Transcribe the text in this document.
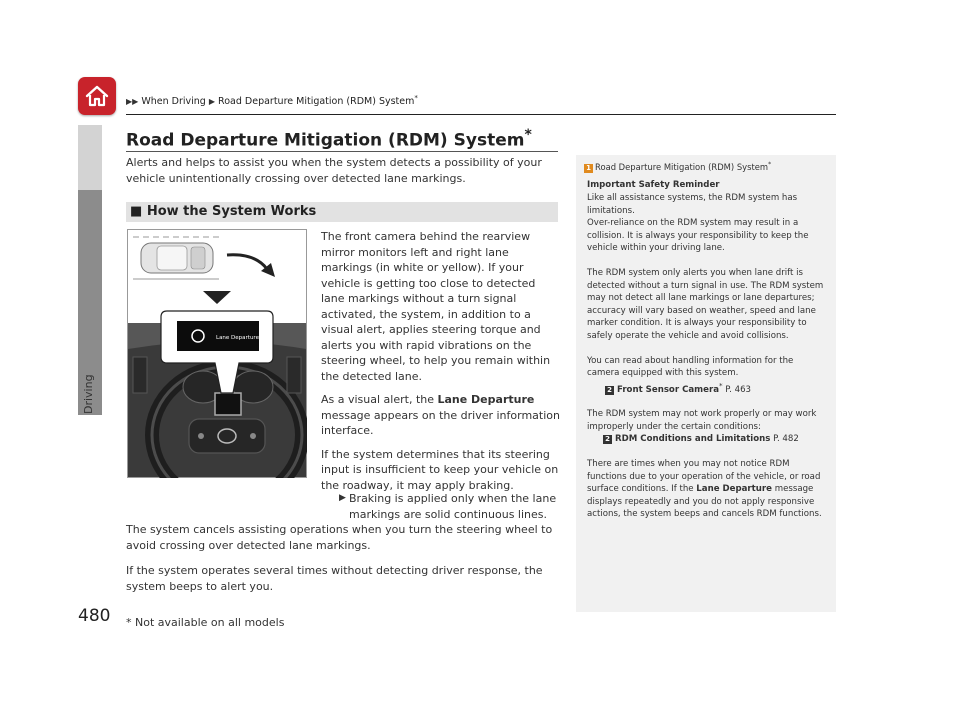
Driving
▶▶ When Driving ▶ Road Departure Mitigation (RDM) System*
Road Departure Mitigation (RDM) System*
Alerts and helps to assist you when the system detects a possibility of your vehicle unintentionally crossing over detected lane markings.
■ How the System Works
Lane Departure

The front camera behind the rearview mirror monitors left and right lane markings (in white or yellow). If your vehicle is getting too close to detected lane markings without a turn signal activated, the system, in addition to a visual alert, applies steering torque and alerts you with rapid vibrations on the steering wheel, to help you remain within the detected lane.

As a visual alert, the Lane Departure message appears on the driver information interface.

If the system determines that its steering input is insufficient to keep your vehicle on the roadway, it may apply braking.

▶ Braking is applied only when the lane markings are solid continuous lines.

The system cancels assisting operations when you turn the steering wheel to avoid crossing over detected lane markings.

If the system operates several times without detecting driver response, the system beeps to alert you.

1 Road Departure Mitigation (RDM) System*
Important Safety Reminder
Like all assistance systems, the RDM system has limitations.
Over-reliance on the RDM system may result in a collision. It is always your responsibility to keep the vehicle within your driving lane.
The RDM system only alerts you when lane drift is detected without a turn signal in use. The RDM system may not detect all lane markings or lane departures; accuracy will vary based on weather, speed and lane marker condition. It is always your responsibility to safely operate the vehicle and avoid collisions.
You can read about handling information for the camera equipped with this system.
2 Front Sensor Camera* P. 463
The RDM system may not work properly or may work improperly under the certain conditions:
2 RDM Conditions and Limitations P. 482
There are times when you may not notice RDM functions due to your operation of the vehicle, or road surface conditions. If the Lane Departure message displays repeatedly and you do not apply responsive actions, the system beeps and cancels RDM functions.
480 * Not available on all models
